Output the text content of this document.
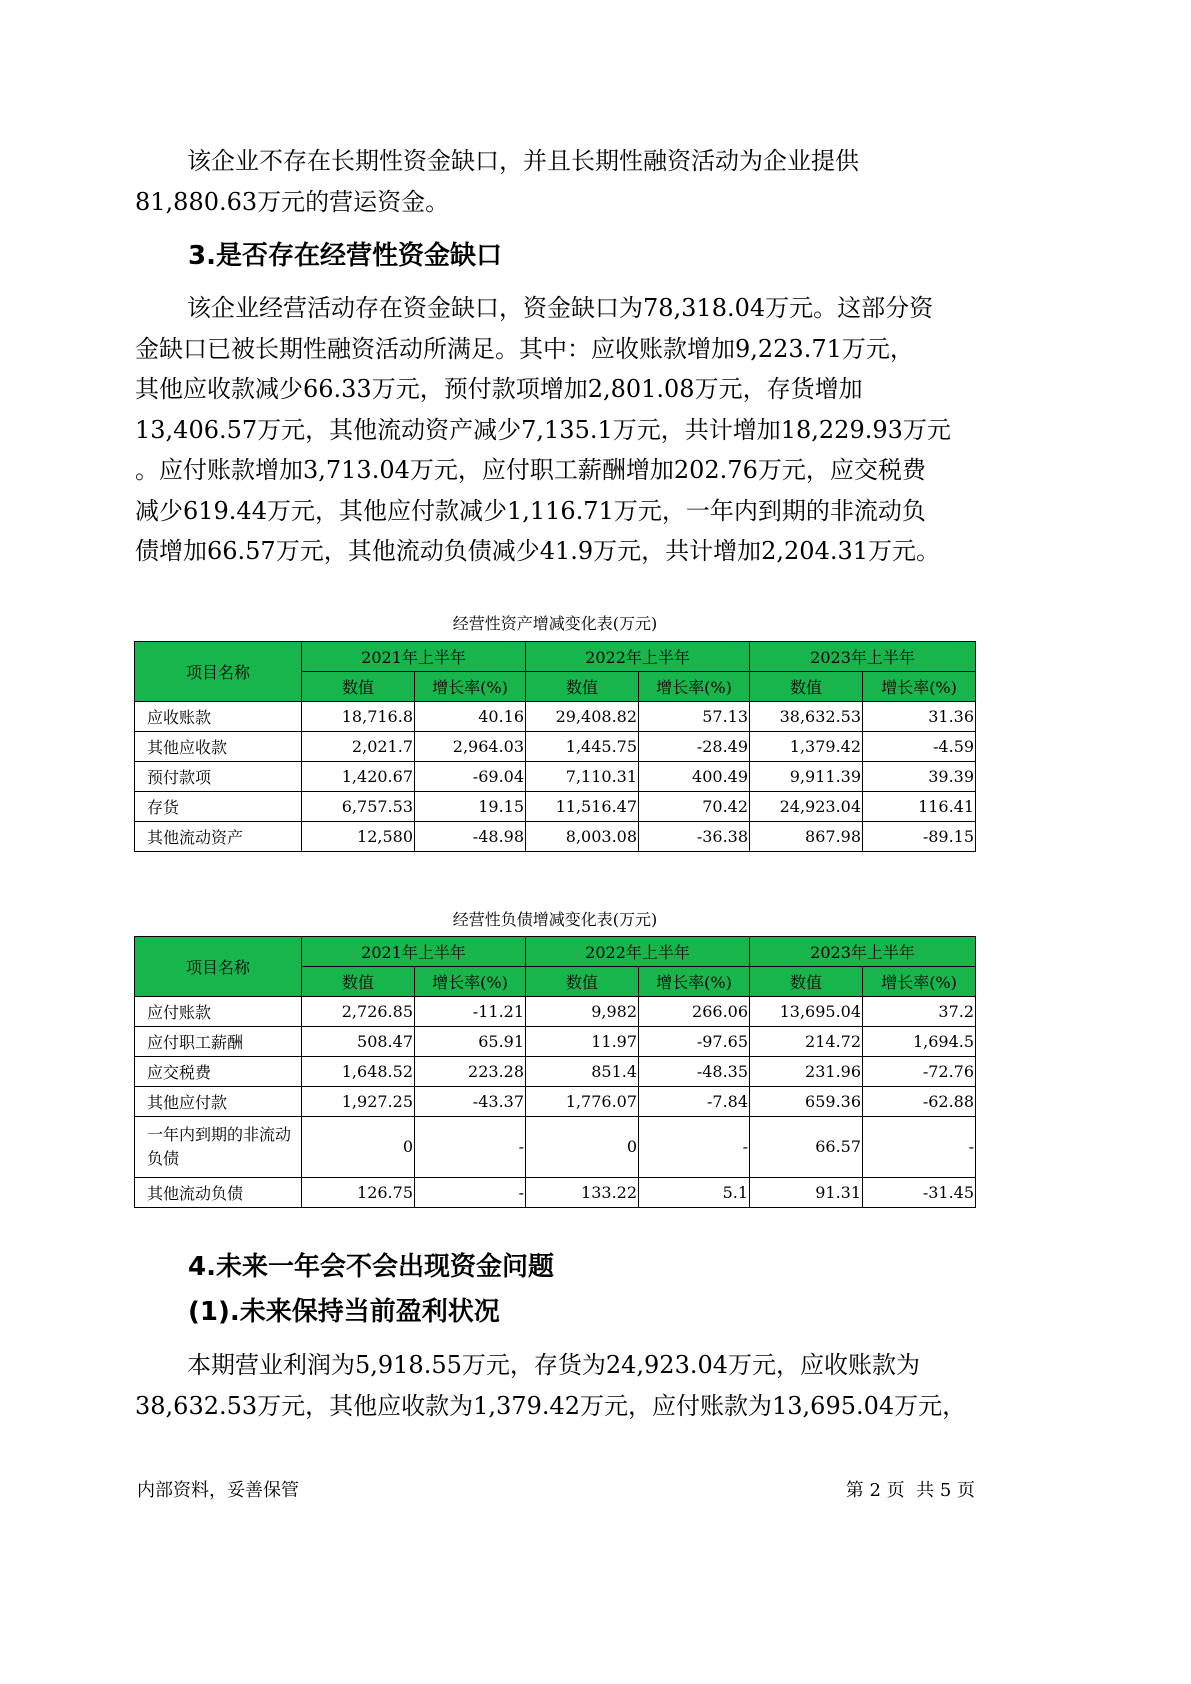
该企业不存在长期性资金缺口，并且长期性融资活动为企业提供
81,880.63万元的营运资金。
3.是否存在经营性资金缺口
该企业经营活动存在资金缺口，资金缺口为78,318.04万元。这部分资
金缺口已被长期性融资活动所满足。其中：应收账款增加9,223.71万元，
其他应收款减少66.33万元，预付款项增加2,801.08万元，存货增加
13,406.57万元，其他流动资产减少7,135.1万元，共计增加18,229.93万元
。应付账款增加3,713.04万元，应付职工薪酬增加202.76万元，应交税费
减少619.44万元，其他应付款减少1,116.71万元，一年内到期的非流动负
债增加66.57万元，其他流动负债减少41.9万元，共计增加2,204.31万元。
经营性资产增减变化表(万元)
项目名称	2021年上半年		2022年上半年		2023年上半年	
	数值	增长率(%)	数值	增长率(%)	数值	增长率(%)
应收账款	18,716.8	40.16	29,408.82	57.13	38,632.53	31.36
其他应收款	2,021.7	2,964.03	1,445.75	-28.49	1,379.42	-4.59
预付款项	1,420.67	-69.04	7,110.31	400.49	9,911.39	39.39
存货	6,757.53	19.15	11,516.47	70.42	24,923.04	116.41
其他流动资产	12,580	-48.98	8,003.08	-36.38	867.98	-89.15
经营性负债增减变化表(万元)
项目名称	2021年上半年		2022年上半年		2023年上半年	
	数值	增长率(%)	数值	增长率(%)	数值	增长率(%)
应付账款	2,726.85	-11.21	9,982	266.06	13,695.04	37.2
应付职工薪酬	508.47	65.91	11.97	-97.65	214.72	1,694.5
应交税费	1,648.52	223.28	851.4	-48.35	231.96	-72.76
其他应付款	1,927.25	-43.37	1,776.07	-7.84	659.36	-62.88
一年内到期的非流动负债	0	-	0	-	66.57	-
其他流动负债	126.75	-	133.22	5.1	91.31	-31.45
4.未来一年会不会出现资金问题
(1).未来保持当前盈利状况
本期营业利润为5,918.55万元，存货为24,923.04万元，应收账款为
38,632.53万元，其他应收款为1,379.42万元，应付账款为13,695.04万元，
内部资料，妥善保管	第 2 页  共 5 页
